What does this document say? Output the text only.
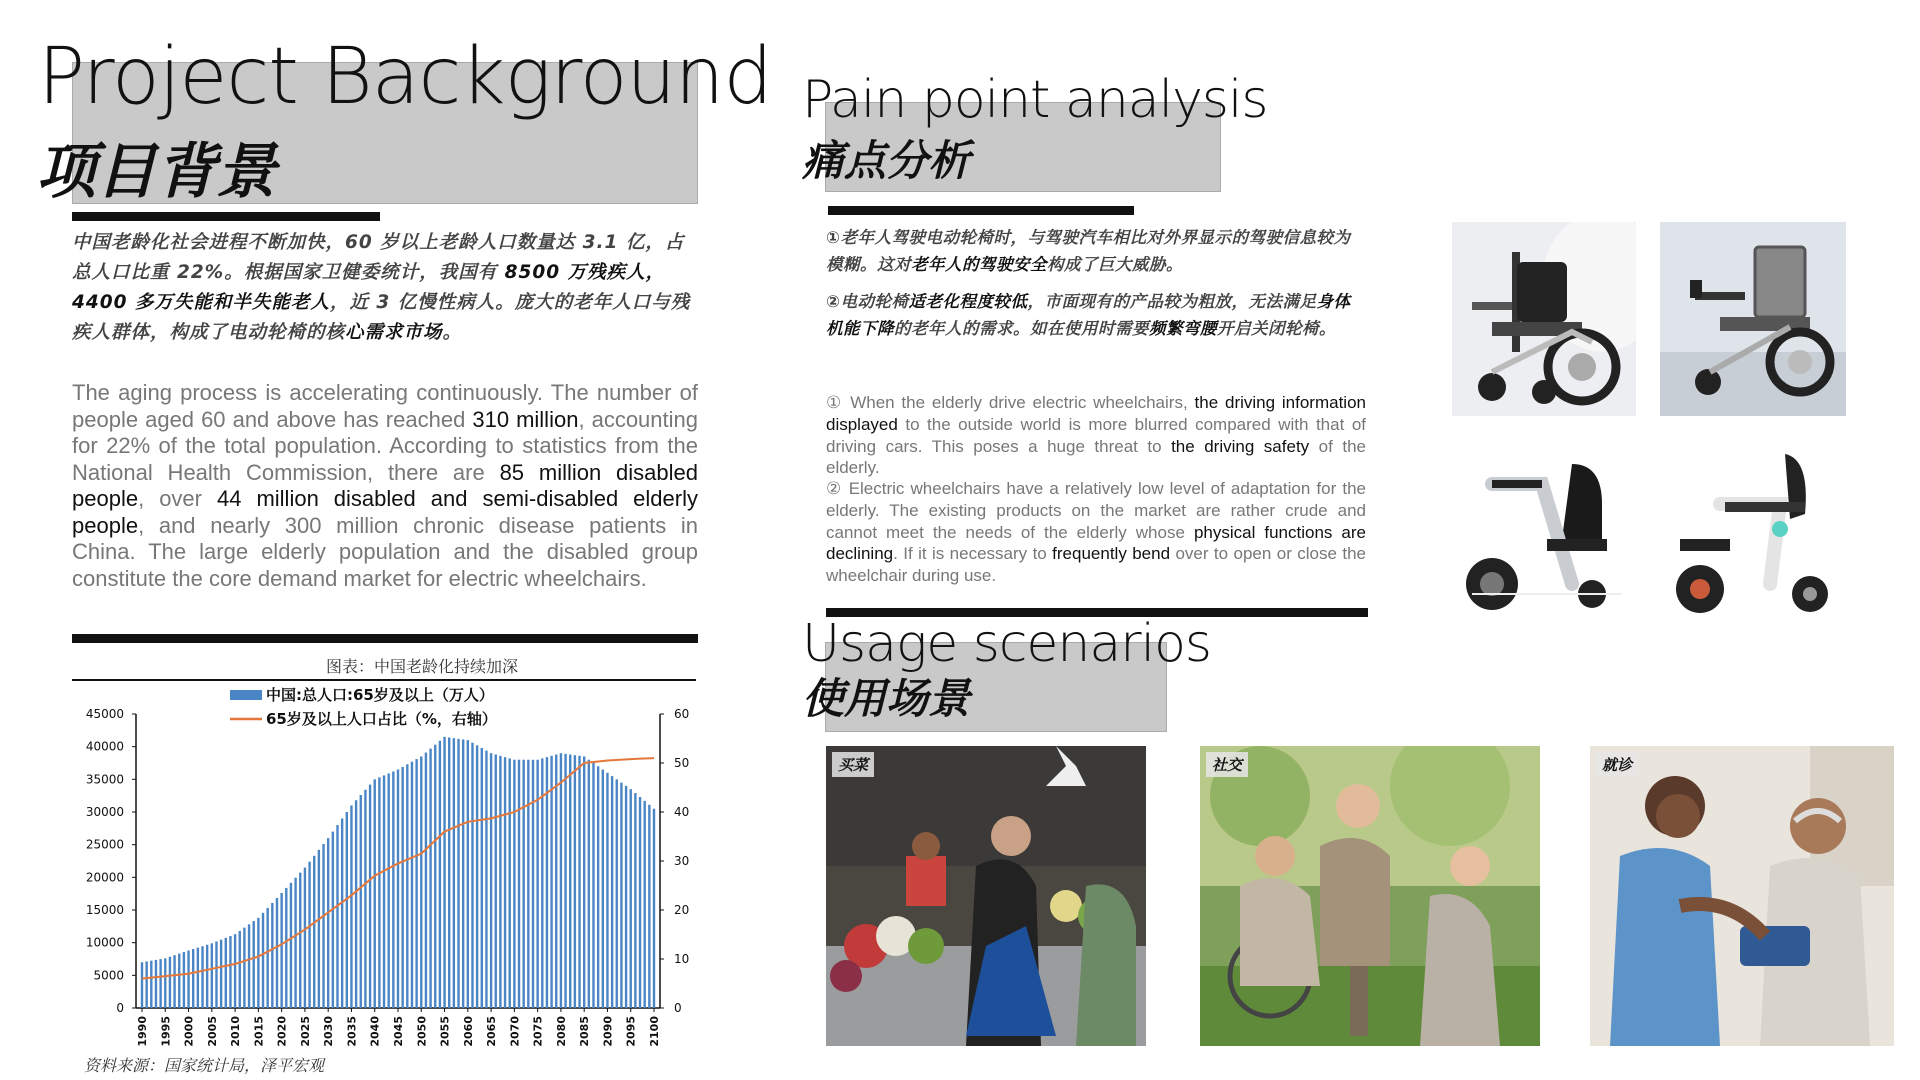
Project Background
项目背景
中国老龄化社会进程不断加快，60 岁以上老龄人口数量达 3.1 亿，占总人口比重 22%。根据国家卫健委统计，我国有 8500 万残疾人，4400 多万失能和半失能老人，近 3 亿慢性病人。庞大的老年人口与残疾人群体，构成了电动轮椅的核心需求市场。
The aging process is accelerating continuously. The number of people aged 60 and above has reached 310 million, accounting for 22% of the total population. According to statistics from the National Health Commission, there are 85 million disabled people, over 44 million disabled and semi-disabled elderly people, and nearly 300 million chronic disease patients in China. The large elderly population and the disabled group constitute the core demand market for electric wheelchairs.
图表：中国老龄化持续加深
中国:总人口:65岁及以上（万人）
65岁及以上人口占比（%，右轴）
0
5000
10000
15000
20000
25000
30000
35000
40000
45000
0
10
20
30
40
50
60
1990 1995 2000 2005 2010 2015 2020 2025 2030 2035 2040 2045 2050 2055 2060 2065 2070 2075 2080 2085 2090 2095 2100
资料来源：国家统计局，泽平宏观
Pain point analysis
痛点分析
①老年人驾驶电动轮椅时，与驾驶汽车相比对外界显示的驾驶信息较为模糊。这对老年人的驾驶安全构成了巨大威胁。
②电动轮椅适老化程度较低，市面现有的产品较为粗放，无法满足身体机能下降的老年人的需求。如在使用时需要频繁弯腰开启关闭轮椅。
① When the elderly drive electric wheelchairs, the driving information displayed to the outside world is more blurred compared with that of driving cars. This poses a huge threat to the driving safety of the elderly.
② Electric wheelchairs have a relatively low level of adaptation for the elderly. The existing products on the market are rather crude and cannot meet the needs of the elderly whose physical functions are declining. If it is necessary to frequently bend over to open or close the wheelchair during use.
Usage scenarios
使用场景
买菜	社交	就诊
